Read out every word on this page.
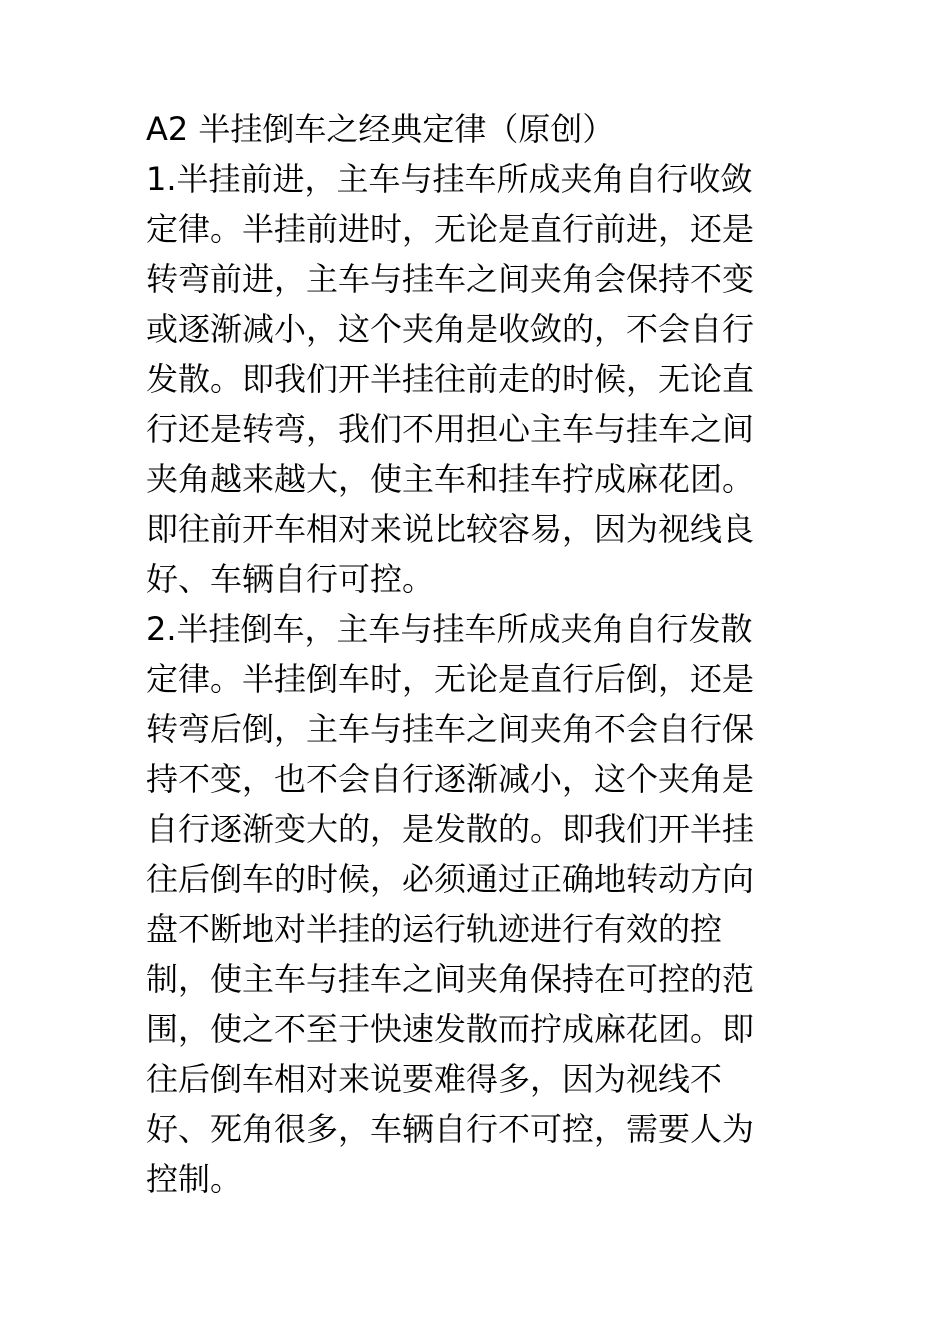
A2 半挂倒车之经典定律（原创）
1.半挂前进，主车与挂车所成夹角自行收敛
定律。半挂前进时，无论是直行前进，还是
转弯前进，主车与挂车之间夹角会保持不变
或逐渐减小，这个夹角是收敛的，不会自行
发散。即我们开半挂往前走的时候，无论直
行还是转弯，我们不用担心主车与挂车之间
夹角越来越大，使主车和挂车拧成麻花团。
即往前开车相对来说比较容易，因为视线良
好、车辆自行可控。
2.半挂倒车，主车与挂车所成夹角自行发散
定律。半挂倒车时，无论是直行后倒，还是
转弯后倒，主车与挂车之间夹角不会自行保
持不变，也不会自行逐渐减小，这个夹角是
自行逐渐变大的，是发散的。即我们开半挂
往后倒车的时候，必须通过正确地转动方向
盘不断地对半挂的运行轨迹进行有效的控
制，使主车与挂车之间夹角保持在可控的范
围，使之不至于快速发散而拧成麻花团。即
往后倒车相对来说要难得多，因为视线不
好、死角很多，车辆自行不可控，需要人为
控制。
